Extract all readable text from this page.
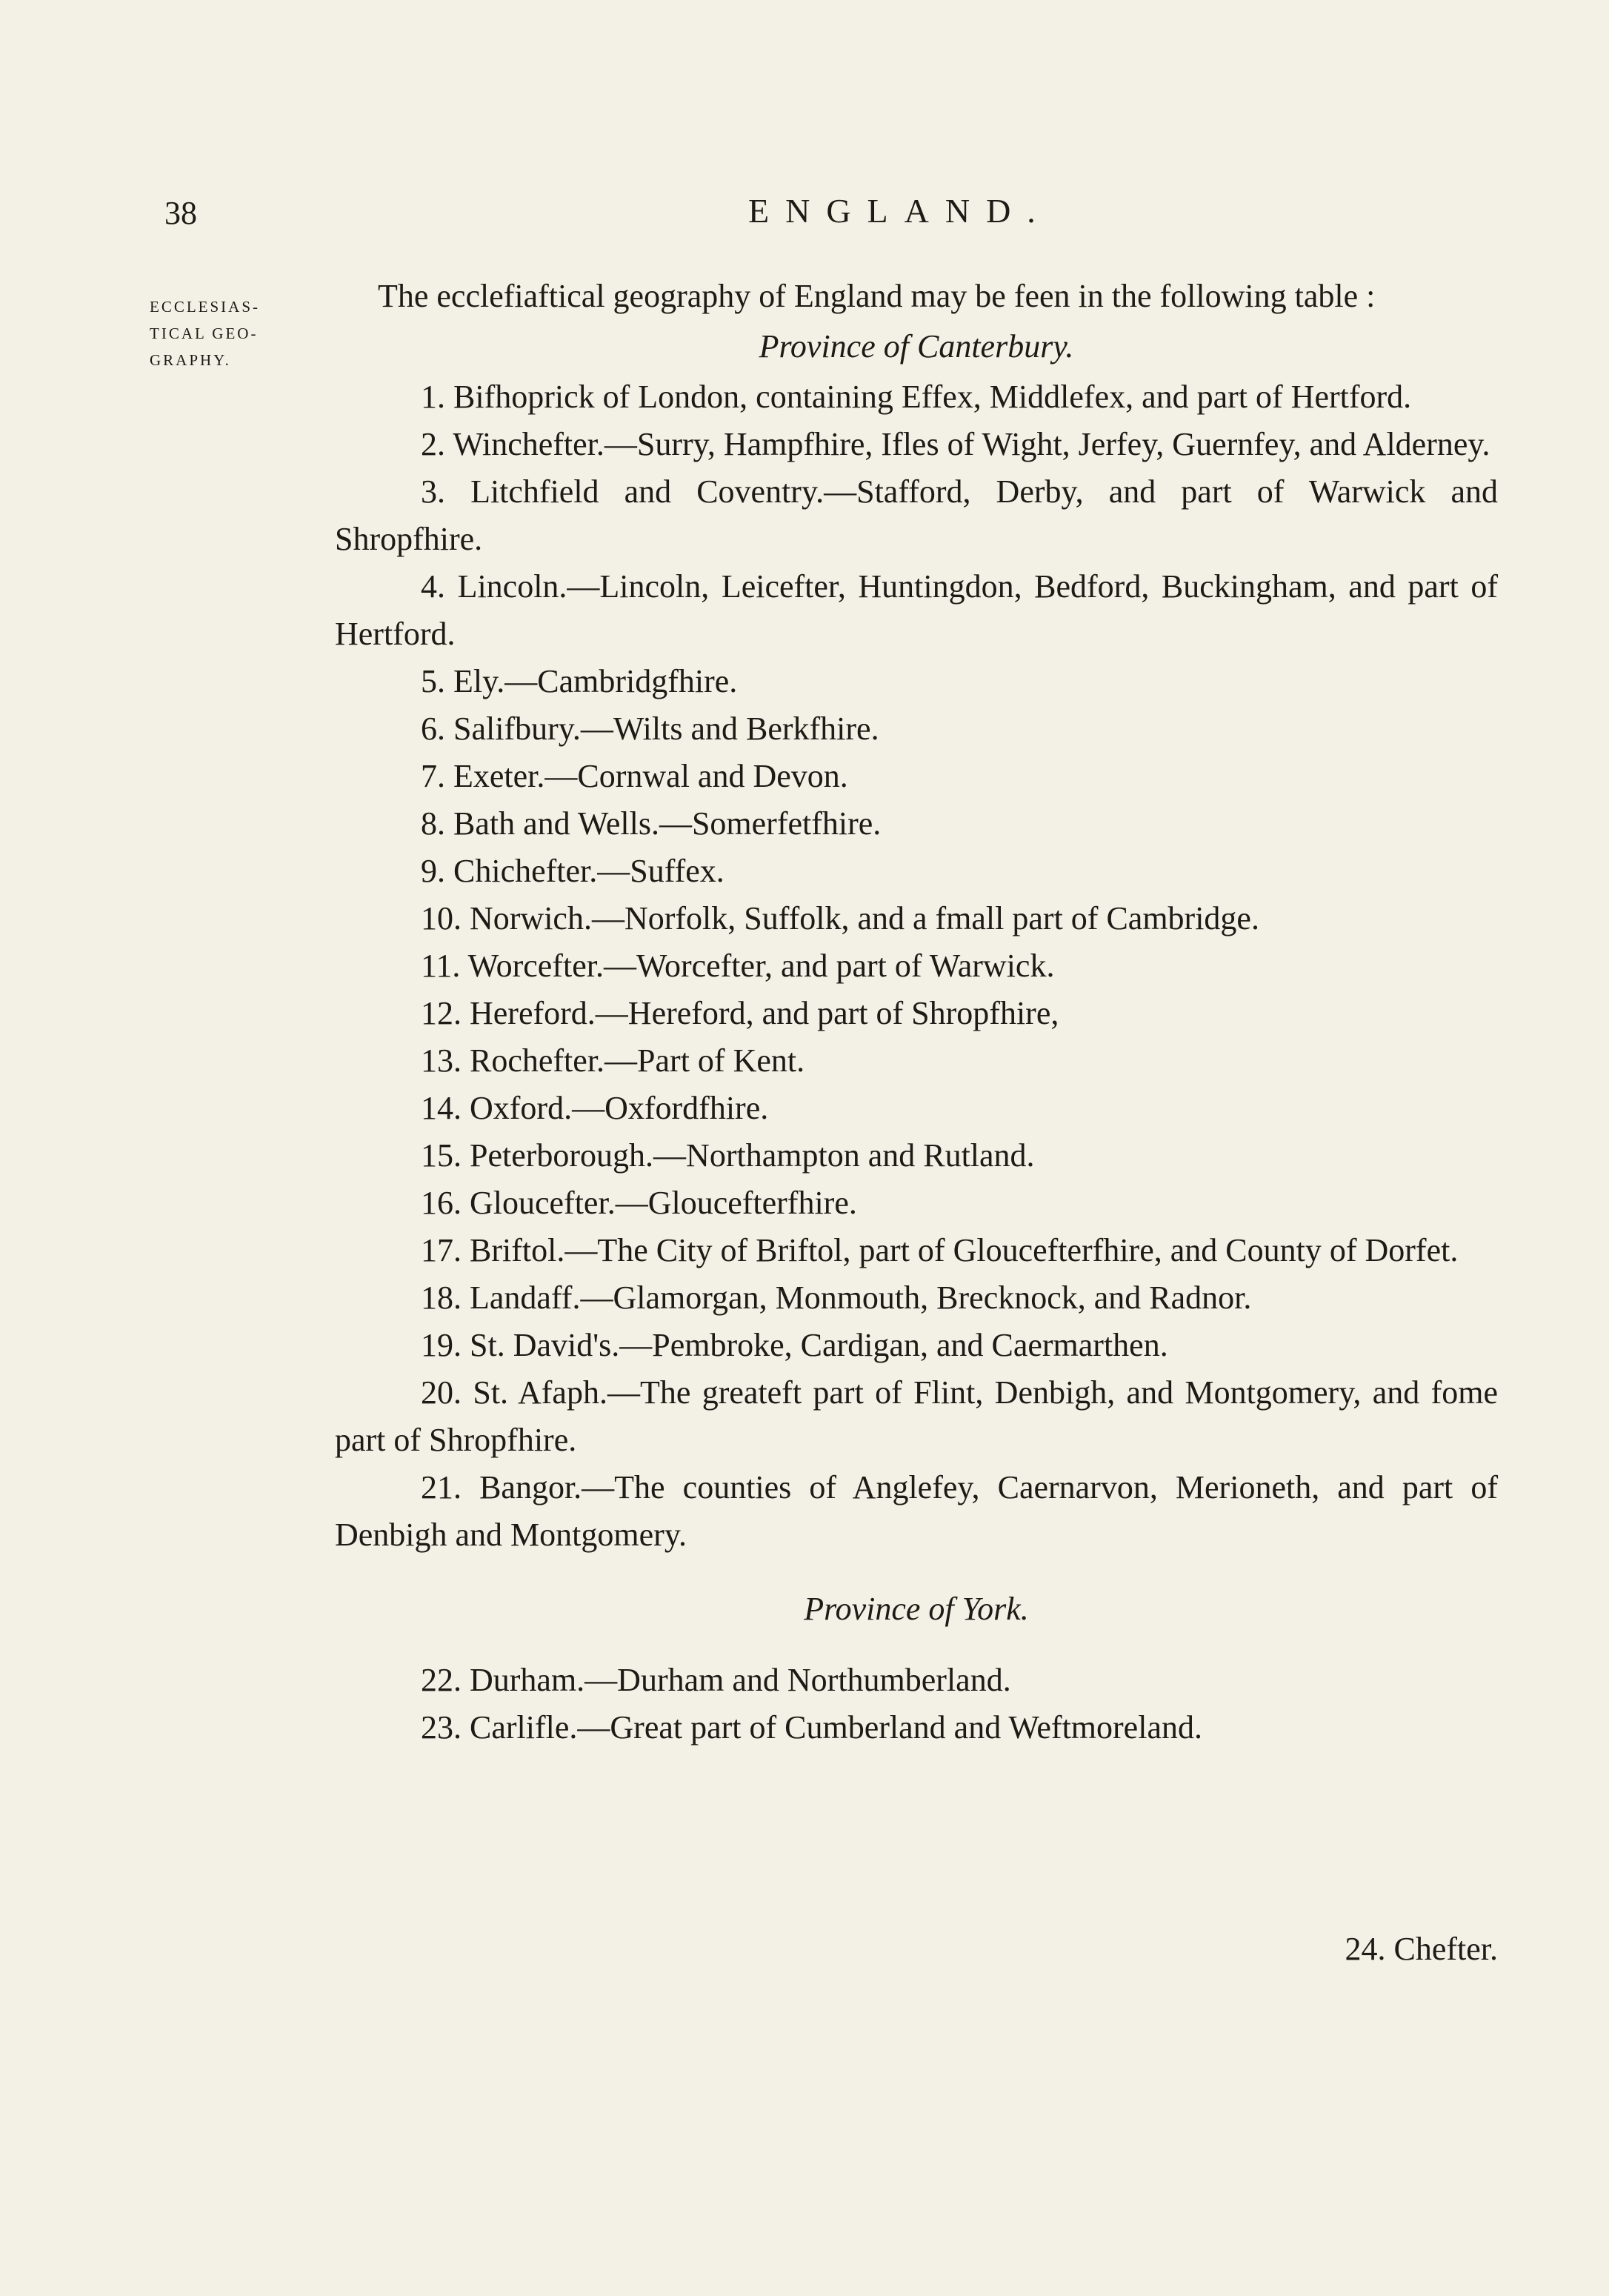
38	ENGLAND.
ECCLESIAS-
TICAL GEO-
GRAPHY.

The ecclefiaftical geography of England may be feen in the following table :

Province of Canterbury.

1. Bifhoprick of London, containing Effex, Middlefex, and part of Hertford.

2. Winchefter.—Surry, Hampfhire, Ifles of Wight, Jerfey, Guernfey, and Alderney.

3. Litchfield and Coventry.—Stafford, Derby, and part of Warwick and Shropfhire.

4. Lincoln.—Lincoln, Leicefter, Huntingdon, Bedford, Buckingham, and part of Hertford.

5. Ely.—Cambridgfhire.

6. Salifbury.—Wilts and Berkfhire.

7. Exeter.—Cornwal and Devon.

8. Bath and Wells.—Somerfetfhire.

9. Chichefter.—Suffex.

10. Norwich.—Norfolk, Suffolk, and a fmall part of Cambridge.

11. Worcefter.—Worcefter, and part of Warwick.

12. Hereford.—Hereford, and part of Shropfhire,

13. Rochefter.—Part of Kent.

14. Oxford.—Oxfordfhire.

15. Peterborough.—Northampton and Rutland.

16. Gloucefter.—Gloucefterfhire.

17. Briftol.—The City of Briftol, part of Gloucefterfhire, and County of Dorfet.

18. Landaff.—Glamorgan, Monmouth, Brecknock, and Radnor.

19. St. David's.—Pembroke, Cardigan, and Caermarthen.

20. St. Afaph.—The greateft part of Flint, Denbigh, and Montgomery, and fome part of Shropfhire.

21. Bangor.—The counties of Anglefey, Caernarvon, Merioneth, and part of Denbigh and Montgomery.

Province of York.

22. Durham.—Durham and Northumberland.

23. Carlifle.—Great part of Cumberland and Weftmoreland.

24. Chefter.
